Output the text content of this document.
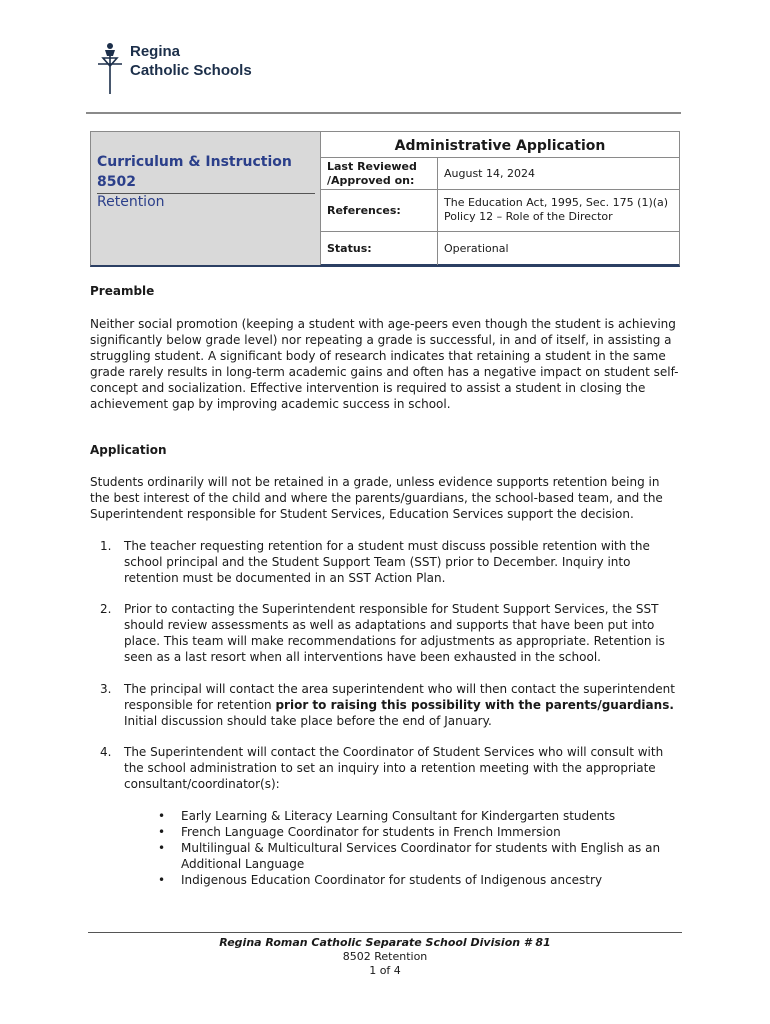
Regina
Catholic Schools
Curriculum & Instruction
8502
Retention
Administrative Application
Last Reviewed /Approved on:
August 14, 2024
References:
The Education Act, 1995, Sec. 175 (1)(a)
Policy 12 – Role of the Director
Status:	Operational
Preamble
Neither social promotion (keeping a student with age-peers even though the student is achieving significantly below grade level) nor repeating a grade is successful, in and of itself, in assisting a struggling student. A significant body of research indicates that retaining a student in the same grade rarely results in long-term academic gains and often has a negative impact on student self-concept and socialization. Effective intervention is required to assist a student in closing the achievement gap by improving academic success in school.
Application
Students ordinarily will not be retained in a grade, unless evidence supports retention being in the best interest of the child and where the parents/guardians, the school-based team, and the Superintendent responsible for Student Services, Education Services support the decision.
1. The teacher requesting retention for a student must discuss possible retention with the school principal and the Student Support Team (SST) prior to December. Inquiry into retention must be documented in an SST Action Plan.
2. Prior to contacting the Superintendent responsible for Student Support Services, the SST should review assessments as well as adaptations and supports that have been put into place. This team will make recommendations for adjustments as appropriate. Retention is seen as a last resort when all interventions have been exhausted in the school.
3. The principal will contact the area superintendent who will then contact the superintendent responsible for retention prior to raising this possibility with the parents/guardians. Initial discussion should take place before the end of January.
4. The Superintendent will contact the Coordinator of Student Services who will consult with the school administration to set an inquiry into a retention meeting with the appropriate consultant/coordinator(s):
• Early Learning & Literacy Learning Consultant for Kindergarten students
• French Language Coordinator for students in French Immersion
• Multilingual & Multicultural Services Coordinator for students with English as an Additional Language
• Indigenous Education Coordinator for students of Indigenous ancestry
Regina Roman Catholic Separate School Division # 81
8502 Retention
1 of 4
